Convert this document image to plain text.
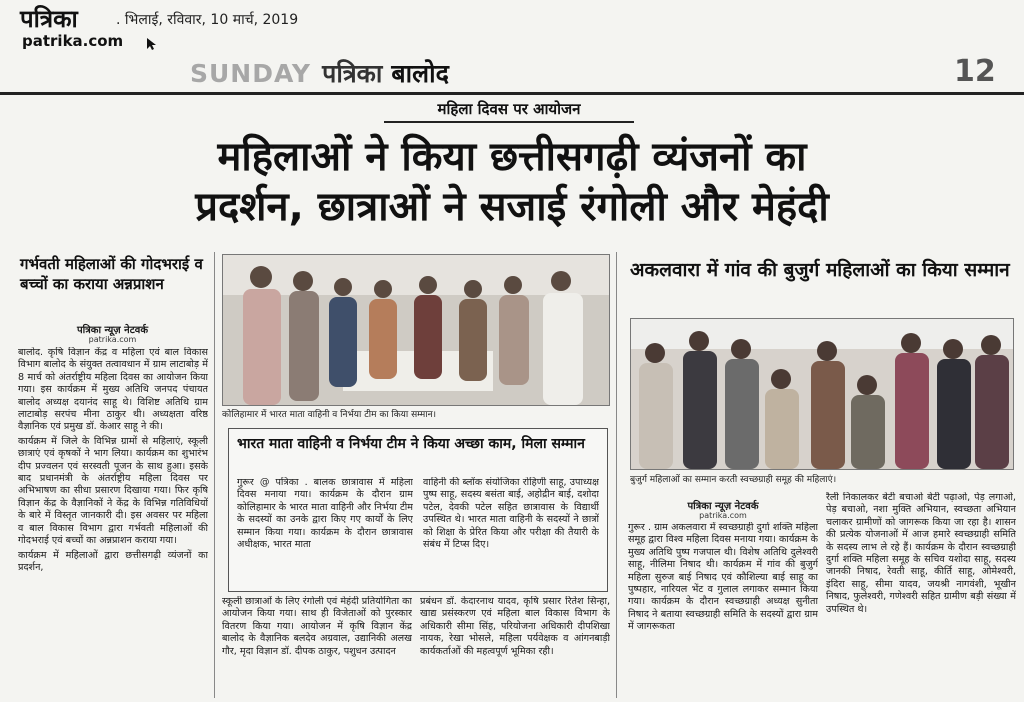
पत्रिका	. भिलाई, रविवार, 10 मार्च, 2019
patrika.com
SUNDAY पत्रिका बालोद	12
महिला दिवस पर आयोजन
महिलाओं ने किया छत्तीसगढ़ी व्यंजनों का
प्रदर्शन, छात्राओं ने सजाई रंगोली और मेहंदी
गर्भवती महिलाओं की गोदभराई व बच्चों का कराया अन्नप्राशन
पत्रिका न्यूज़ नेटवर्क
patrika.com

बालोद. कृषि विज्ञान केंद्र व महिला एवं बाल विकास विभाग बालोद के संयुक्त तत्वावधान में ग्राम लाटाबोड़ में 8 मार्च को अंतर्राष्ट्रीय महिला दिवस का आयोजन किया गया। इस कार्यक्रम में मुख्य अतिथि जनपद पंचायत बालोद अध्यक्ष दयानंद साहू थे। विशिष्ट अतिथि ग्राम लाटाबोड़ सरपंच मीना ठाकुर थी। अध्यक्षता वरिष्ठ वैज्ञानिक एवं प्रमुख डॉ. केआर साहू ने की।

कार्यक्रम में जिले के विभिन्न ग्रामों से महिलाएं, स्कूली छात्राएं एवं कृषकों ने भाग लिया। कार्यक्रम का शुभारंभ दीप प्रज्वलन एवं सरस्वती पूजन के साथ हुआ। इसके बाद प्रधानमंत्री के अंतर्राष्ट्रीय महिला दिवस पर अभिभाषण का सीधा प्रसारण दिखाया गया। फिर कृषि विज्ञान केंद्र के वैज्ञानिकों ने केंद्र के विभिन्न गतिविधियों के बारे में विस्तृत जानकारी दी। इस अवसर पर महिला व बाल विकास विभाग द्वारा गर्भवती महिलाओं की गोदभराई एवं बच्चों का अन्नप्राशन कराया गया।

कार्यक्रम में महिलाओं द्वारा छत्तीसगढ़ी व्यंजनों का प्रदर्शन,

कोलिहामार में भारत माता वाहिनी व निर्भया टीम का किया सम्मान।
भारत माता वाहिनी व निर्भया टीम ने किया अच्छा काम, मिला सम्मान
गुरूर @ पत्रिका . बालक छात्रावास में महिला दिवस मनाया गया। कार्यक्रम के दौरान ग्राम कोलिहामार के भारत माता वाहिनी और निर्भया टीम के सदस्यों का उनके द्वारा किए गए कार्यों के लिए सम्मान किया गया। कार्यक्रम के दौरान छात्रावास अधीक्षक, भारत माता
वाहिनी की ब्लॉक संयोजिका रोहिणी साहू, उपाध्यक्ष पुष्प साहू, सदस्य बसंता बाई, अहोद्रीन बाई, दशोदा पटेल, देवकी पटेल सहित छात्रावास के विद्यार्थी उपस्थित थे। भारत माता वाहिनी के सदस्यों ने छात्रों को शिक्षा के प्रेरित किया और परीक्षा की तैयारी के संबंध में टिप्स दिए।
स्कूली छात्राओं के लिए रंगोली एवं मेहंदी प्रतियोगिता का आयोजन किया गया। साथ ही विजेताओं को पुरस्कार वितरण किया गया। आयोजन में कृषि विज्ञान केंद्र बालोद के वैज्ञानिक बलदेव अग्रवाल, उद्यानिकी अलख गौर, मृदा विज्ञान डॉ. दीपक ठाकुर, पशुधन उत्पादन
प्रबंधन डॉ. केदारनाथ यादव, कृषि प्रसार रितेश सिन्हा, खाद्य प्रसंस्करण एवं महिला बाल विकास विभाग के अधिकारी सीमा सिंह, परियोजना अधिकारी दीपशिखा नायक, रेखा भोसले, महिला पर्यवेक्षक व आंगनबाड़ी कार्यकर्ताओं की महत्वपूर्ण भूमिका रही।
अकलवारा में गांव की बुजुर्ग महिलाओं का किया सम्मान
बुजुर्ग महिलाओं का सम्मान करती स्वच्छग्राही समूह की महिलाएं।
पत्रिका न्यूज़ नेटवर्क
patrika.com
गुरूर . ग्राम अकलवारा में स्वच्छग्राही दुर्गा शक्ति महिला समूह द्वारा विश्व महिला दिवस मनाया गया। कार्यक्रम के मुख्य अतिथि पुष्प गजपाल थी। विशेष अतिथि दुलेश्वरी साहू, नीलिमा निषाद थी। कार्यक्रम में गांव की बुजुर्ग महिला सुरुज बाई निषाद एवं कौशिल्या बाई साहू का पुष्पहार, नारियल भेंट व गुलाल लगाकर सम्मान किया गया। कार्यक्रम के दौरान स्वच्छग्राही अध्यक्ष सुनीता निषाद ने बताया स्वच्छग्राही समिति के सदस्यों द्वारा ग्राम में जागरूकता
रैली निकालकर बेटी बचाओ बेटी पढ़ाओ, पेड़ लगाओ, पेड़ बचाओ, नशा मुक्ति अभियान, स्वच्छता अभियान चलाकर ग्रामीणों को जागरूक किया जा रहा है। शासन की प्रत्येक योजनाओं में आज हमारे स्वच्छग्राही समिति के सदस्य लाभ ले रहे हैं। कार्यक्रम के दौरान स्वच्छग्राही दुर्गा शक्ति महिला समूह के सचिव यशोदा साहू, सदस्य जानकी निषाद, रेवती साहू, कीर्ति साहू, ओमेश्वरी, इंदिरा साहू, सीमा यादव, जयश्री नागवंशी, भूखीन निषाद, फुलेश्वरी, गणेश्वरी सहित ग्रामीण बड़ी संख्या में उपस्थित थे।
